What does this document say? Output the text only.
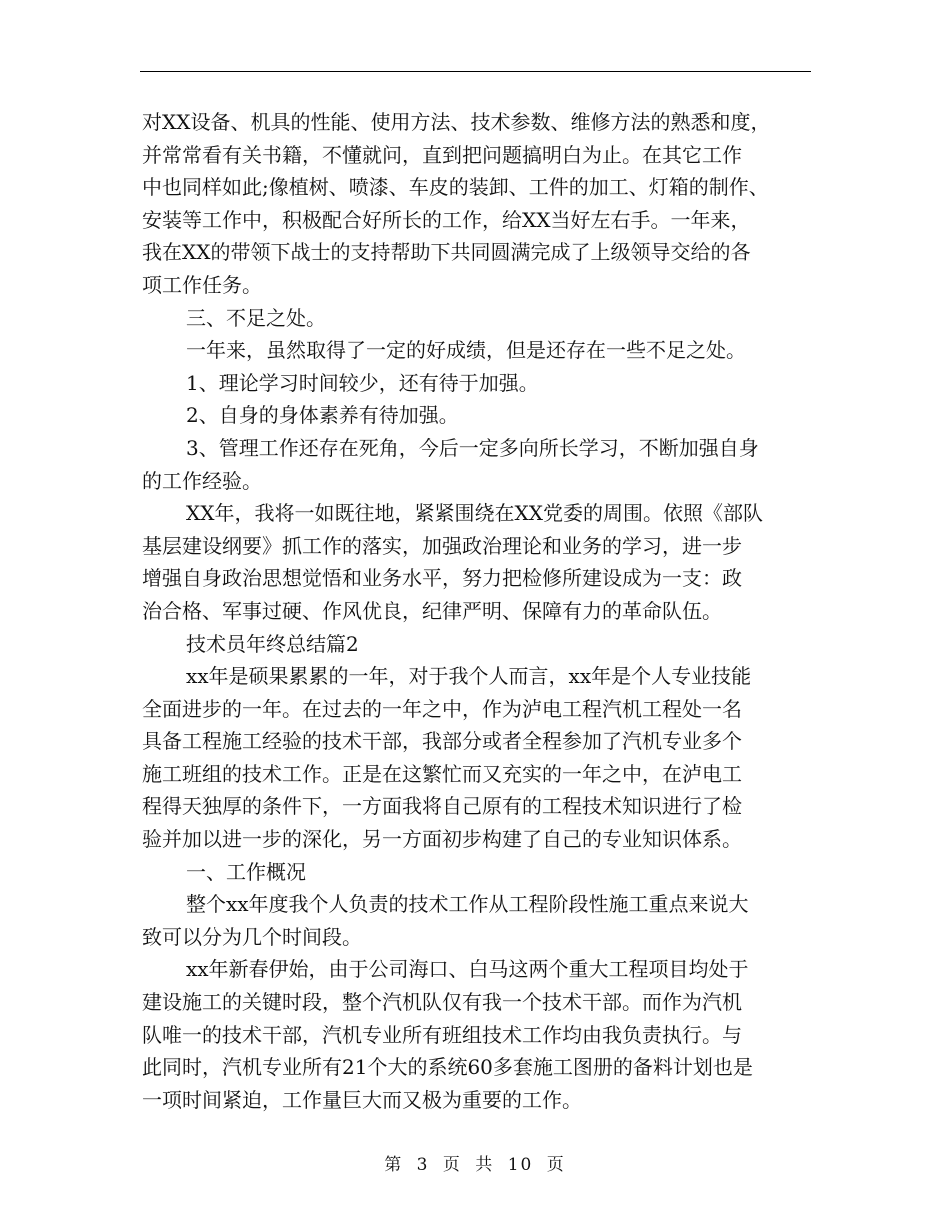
对XX设备、机具的性能、使用方法、技术参数、维修方法的熟悉和度，
并常常看有关书籍，不懂就问，直到把问题搞明白为止。在其它工作
中也同样如此;像植树、喷漆、车皮的装卸、工件的加工、灯箱的制作、
安装等工作中，积极配合好所长的工作，给XX当好左右手。一年来，
我在XX的带领下战士的支持帮助下共同圆满完成了上级领导交给的各
项工作任务。
三、不足之处。
一年来，虽然取得了一定的好成绩，但是还存在一些不足之处。
1、理论学习时间较少，还有待于加强。
2、自身的身体素养有待加强。
3、管理工作还存在死角，今后一定多向所长学习，不断加强自身
的工作经验。
XX年，我将一如既往地，紧紧围绕在XX党委的周围。依照《部队
基层建设纲要》抓工作的落实，加强政治理论和业务的学习，进一步
增强自身政治思想觉悟和业务水平，努力把检修所建设成为一支：政
治合格、军事过硬、作风优良，纪律严明、保障有力的革命队伍。
技术员年终总结篇2
xx年是硕果累累的一年，对于我个人而言，xx年是个人专业技能
全面进步的一年。在过去的一年之中，作为泸电工程汽机工程处一名
具备工程施工经验的技术干部，我部分或者全程参加了汽机专业多个
施工班组的技术工作。正是在这繁忙而又充实的一年之中，在泸电工
程得天独厚的条件下，一方面我将自己原有的工程技术知识进行了检
验并加以进一步的深化，另一方面初步构建了自己的专业知识体系。
一、工作概况
整个xx年度我个人负责的技术工作从工程阶段性施工重点来说大
致可以分为几个时间段。
xx年新春伊始，由于公司海口、白马这两个重大工程项目均处于
建设施工的关键时段，整个汽机队仅有我一个技术干部。而作为汽机
队唯一的技术干部，汽机专业所有班组技术工作均由我负责执行。与
此同时，汽机专业所有21个大的系统60多套施工图册的备料计划也是
一项时间紧迫，工作量巨大而又极为重要的工作。
第 3 页 共 10 页
